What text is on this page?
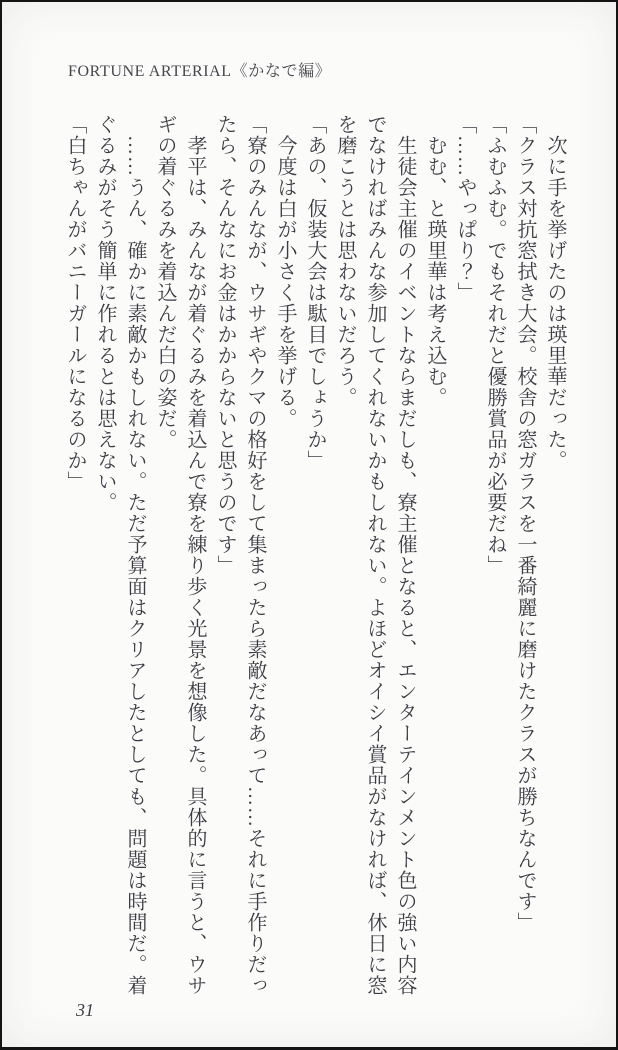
FORTUNE ARTERIAL《かなで編》

次に手を挙げたのは瑛里華だった。

「クラス対抗窓拭き大会。校舎の窓ガラスを一番綺麗に磨けたクラスが勝ちなんです」

「ふむふむ。でもそれだと優勝賞品が必要だね」

「……やっぱり？」

むむ、と瑛里華は考え込む。

生徒会主催のイベントならまだしも、寮主催となると、エンターテインメント色の強い内容でなければみんな参加してくれないかもしれない。よほどオイシイ賞品がなければ、休日に窓を磨こうとは思わないだろう。

「あの、仮装大会は駄目でしょうか」

今度は白が小さく手を挙げる。

「寮のみんなが、ウサギやクマの格好をして集まったら素敵だなあって……それに手作りだったら、そんなにお金はかからないと思うのです」

孝平は、みんなが着ぐるみを着込んで寮を練り歩く光景を想像した。具体的に言うと、ウサギの着ぐるみを着込んだ白の姿だ。

……うん、確かに素敵かもしれない。ただ予算面はクリアしたとしても、問題は時間だ。着ぐるみがそう簡単に作れるとは思えない。

「白ちゃんがバニーガールになるのか」

31
